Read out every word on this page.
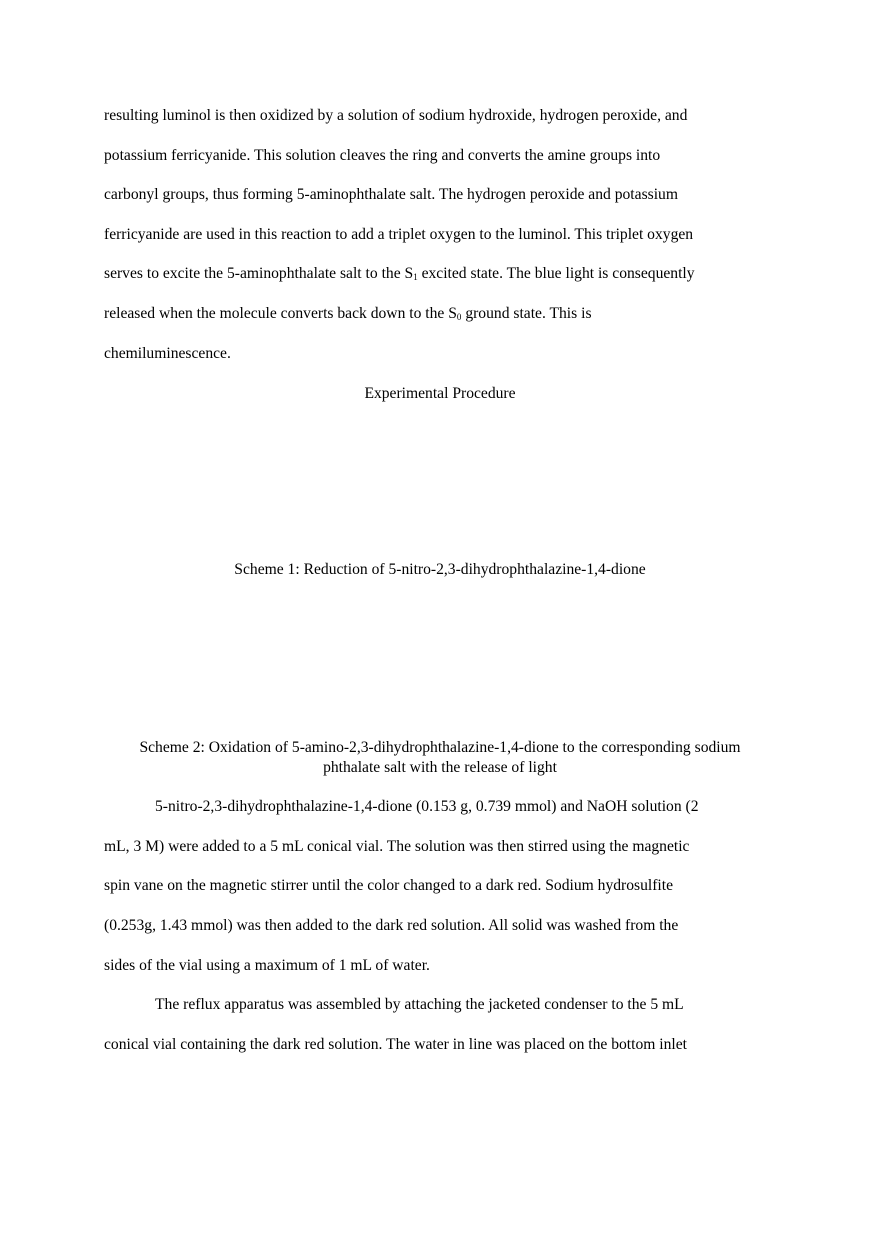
resulting luminol is then oxidized by a solution of sodium hydroxide, hydrogen peroxide, and
potassium ferricyanide. This solution cleaves the ring and converts the amine groups into
carbonyl groups, thus forming 5-aminophthalate salt. The hydrogen peroxide and potassium
ferricyanide are used in this reaction to add a triplet oxygen to the luminol. This triplet oxygen
serves to excite the 5-aminophthalate salt to the $S_1$ excited state. The blue light is consequently
released when the molecule converts back down to the $S_0$ ground state. This is
chemiluminescence.
Experimental Procedure
Scheme 1: Reduction of 5-nitro-2,3-dihydrophthalazine-1,4-dione
Scheme 2: Oxidation of 5-amino-2,3-dihydrophthalazine-1,4-dione to the corresponding sodium
phthalate salt with the release of light
5-nitro-2,3-dihydrophthalazine-1,4-dione (0.153 g, 0.739 mmol) and NaOH solution (2
mL, 3 M) were added to a 5 mL conical vial. The solution was then stirred using the magnetic
spin vane on the magnetic stirrer until the color changed to a dark red. Sodium hydrosulfite
(0.253g, 1.43 mmol) was then added to the dark red solution. All solid was washed from the
sides of the vial using a maximum of 1 mL of water.
The reflux apparatus was assembled by attaching the jacketed condenser to the 5 mL
conical vial containing the dark red solution. The water in line was placed on the bottom inlet
